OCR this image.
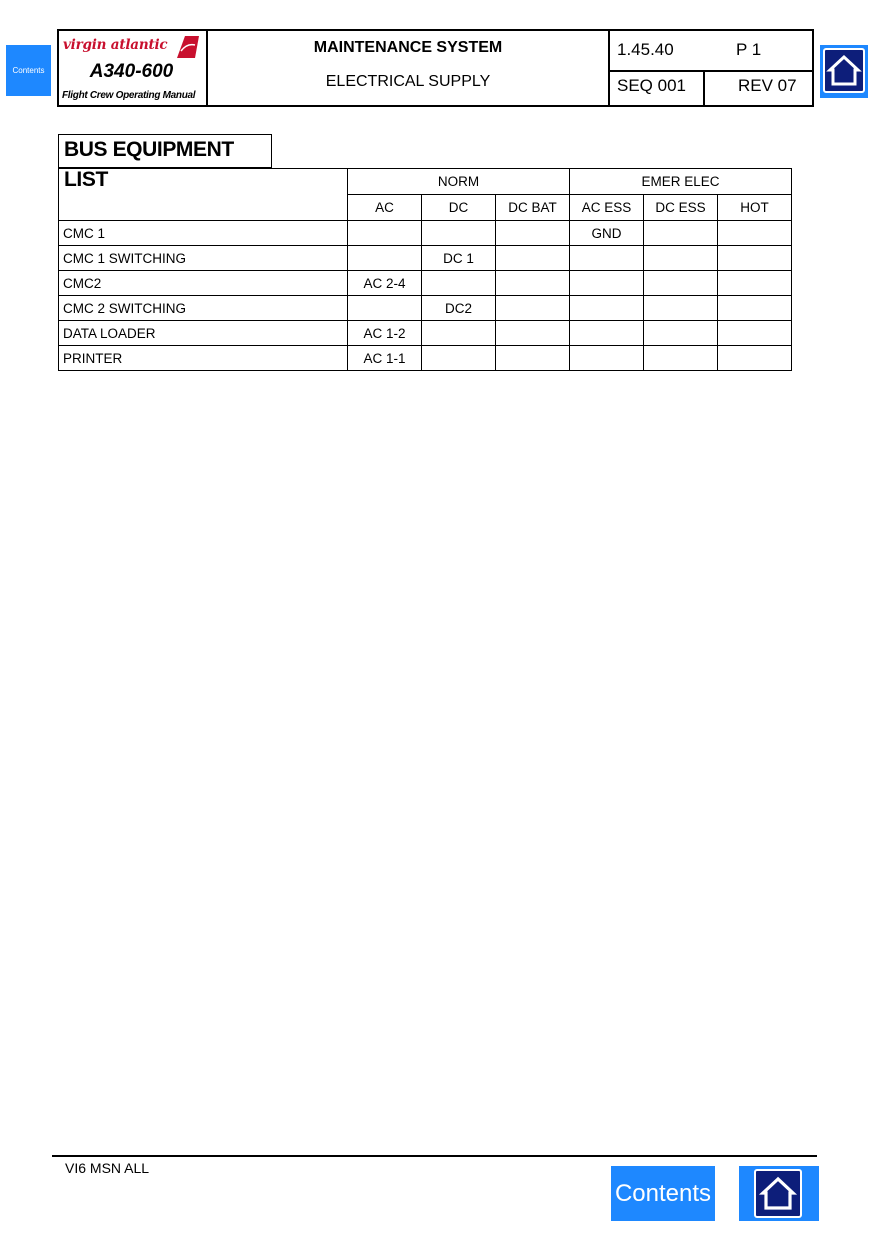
Contents
virgin atlantic
A340-600
Flight Crew Operating Manual
MAINTENANCE SYSTEM
ELECTRICAL SUPPLY
1.45.40	P 1
SEQ 001	REV 07
BUS EQUIPMENT LIST
		NORM			EMER ELEC		
	AC	DC	DC BAT	AC ESS	DC ESS	HOT
CMC 1				GND		
CMC 1 SWITCHING		DC 1				
CMC2	AC 2-4					
CMC 2 SWITCHING		DC2				
DATA LOADER	AC 1-2					
PRINTER	AC 1-1					
VI6 MSN ALL
Contents
